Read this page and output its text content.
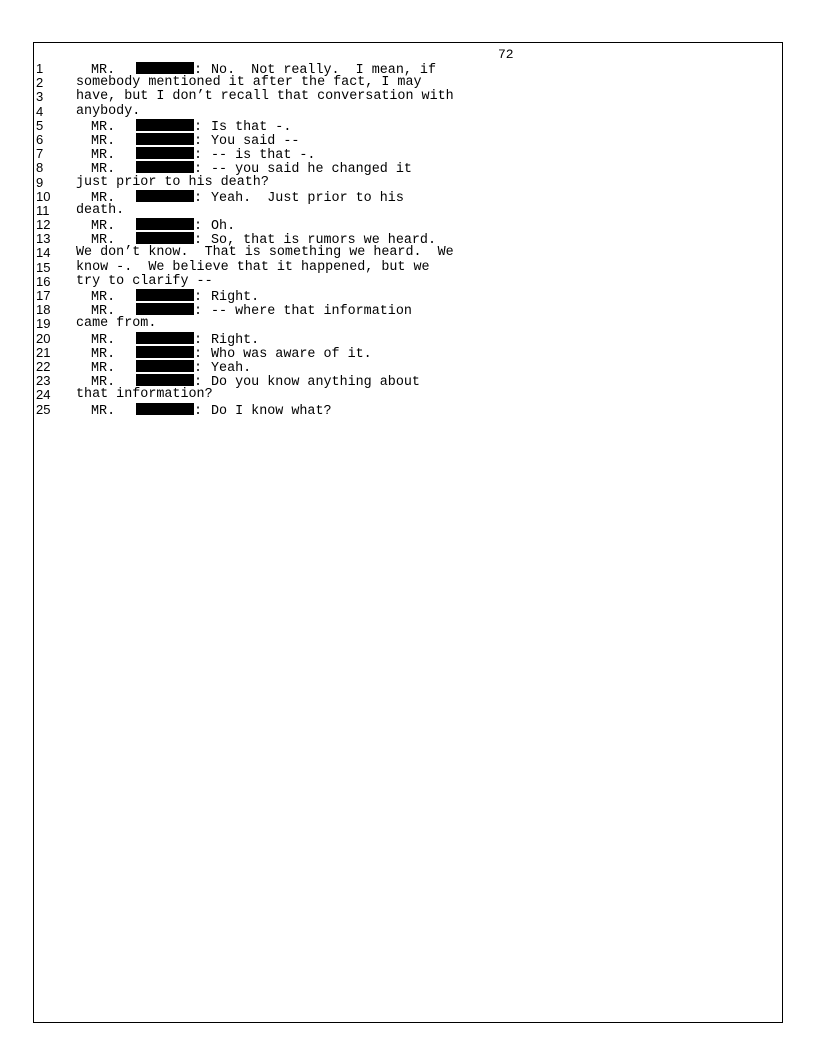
72
1	MR.	: No.  Not really.  I mean, if
2	somebody mentioned it after the fact, I may
3	have, but I don’t recall that conversation with
4	anybody.
5	MR.	: Is that -.
6	MR.	: You said --
7	MR.	: -- is that -.
8	MR.	: -- you said he changed it
9	just prior to his death?
10	MR.	: Yeah.  Just prior to his
11	death.
12	MR.	: Oh.
13	MR.	: So, that is rumors we heard.
14	We don’t know.  That is something we heard.  We
15	know -.  We believe that it happened, but we
16	try to clarify --
17	MR.	: Right.
18	MR.	: -- where that information
19	came from.
20	MR.	: Right.
21	MR.	: Who was aware of it.
22	MR.	: Yeah.
23	MR.	: Do you know anything about
24	that information?
25	MR.	: Do I know what?
